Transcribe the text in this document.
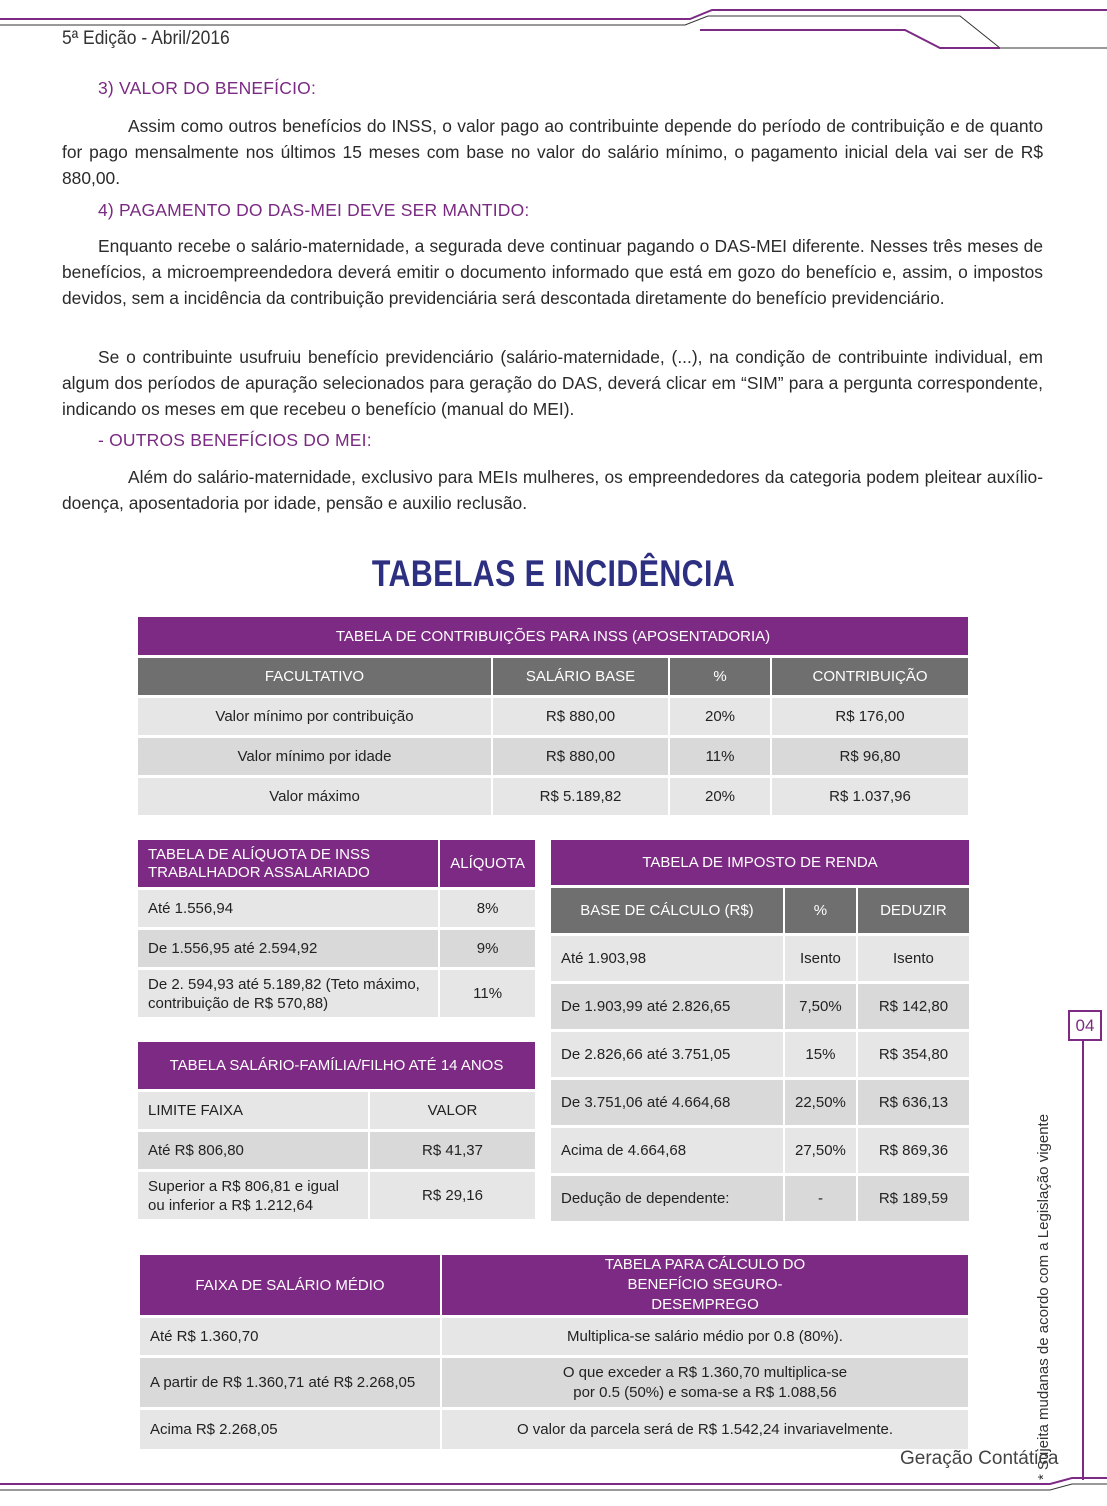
5ª Edição - Abril/2016
3) VALOR DO BENEFÍCIO:

Assim como outros benefícios do INSS, o valor pago ao contribuinte depende do período de contribuição e de quanto for pago mensalmente nos últimos 15 meses com base no valor do salário mínimo, o pagamento inicial dela vai ser de R$ 880,00.

4) PAGAMENTO DO DAS-MEI DEVE SER MANTIDO:

Enquanto recebe o salário-maternidade, a segurada deve continuar pagando o DAS-MEI diferente. Nesses três meses de benefícios, a microempreendedora deverá emitir o documento informado que está em gozo do benefício e, assim, o impostos devidos, sem a incidência da contribuição previdenciária será descontada diretamente do benefício previdenciário.

Se o contribuinte usufruiu benefício previdenciário (salário-maternidade, (...), na condição de contribuinte individual, em algum dos períodos de apuração selecionados para geração do DAS, deverá clicar em “SIM” para a pergunta correspondente, indicando os meses em que recebeu o benefício (manual do MEI).

- OUTROS BENEFÍCIOS DO MEI:

Além do salário-maternidade, exclusivo para MEIs mulheres, os empreendedores da categoria podem pleitear auxílio-doença, aposentadoria por idade, pensão e auxilio reclusão.

TABELAS E INCIDÊNCIA
TABELA DE CONTRIBUIÇÕES PARA INSS (APOSENTADORIA)			
FACULTATIVO	SALÁRIO BASE	%	CONTRIBUIÇÃO
Valor mínimo por contribuição	R$ 880,00	20%	R$ 176,00
Valor mínimo por idade	R$ 880,00	11%	R$ 96,80
Valor máximo	R$ 5.189,82	20%	R$ 1.037,96
TABELA DE ALÍQUOTA DE INSS TRABALHADOR ASSALARIADO	ALÍQUOTA
Até 1.556,94	8%
De 1.556,95 até 2.594,92	9%
De 2. 594,93 até 5.189,82 (Teto máximo, contribuição de R$ 570,88)	11%
TABELA SALÁRIO-FAMÍLIA/FILHO ATÉ 14 ANOS	
LIMITE FAIXA	VALOR
Até R$ 806,80	R$ 41,37
Superior a R$ 806,81 e igual ou inferior a R$ 1.212,64	R$ 29,16
TABELA DE IMPOSTO DE RENDA		
BASE DE CÁLCULO (R$)	%	DEDUZIR
Até 1.903,98	Isento	Isento
De 1.903,99 até 2.826,65	7,50%	R$ 142,80
De 2.826,66 até 3.751,05	15%	R$ 354,80
De 3.751,06 até 4.664,68	22,50%	R$ 636,13
Acima de 4.664,68	27,50%	R$ 869,36
Dedução de dependente:	-	R$ 189,59
FAIXA DE SALÁRIO MÉDIO	TABELA PARA CÁLCULO DO BENEFÍCIO SEGURO-DESEMPREGO
Até R$ 1.360,70	Multiplica-se salário médio por 0.8 (80%).
A partir de R$ 1.360,71 até R$ 2.268,05	O que exceder a R$ 1.360,70 multiplica-se por 0.5 (50%) e soma-se a R$ 1.088,56
Acima R$ 2.268,05	O valor da parcela será de R$ 1.542,24 invariavelmente.
04
* Sujeita mudanas de acordo com a Legislação vigente
Geração Contática
